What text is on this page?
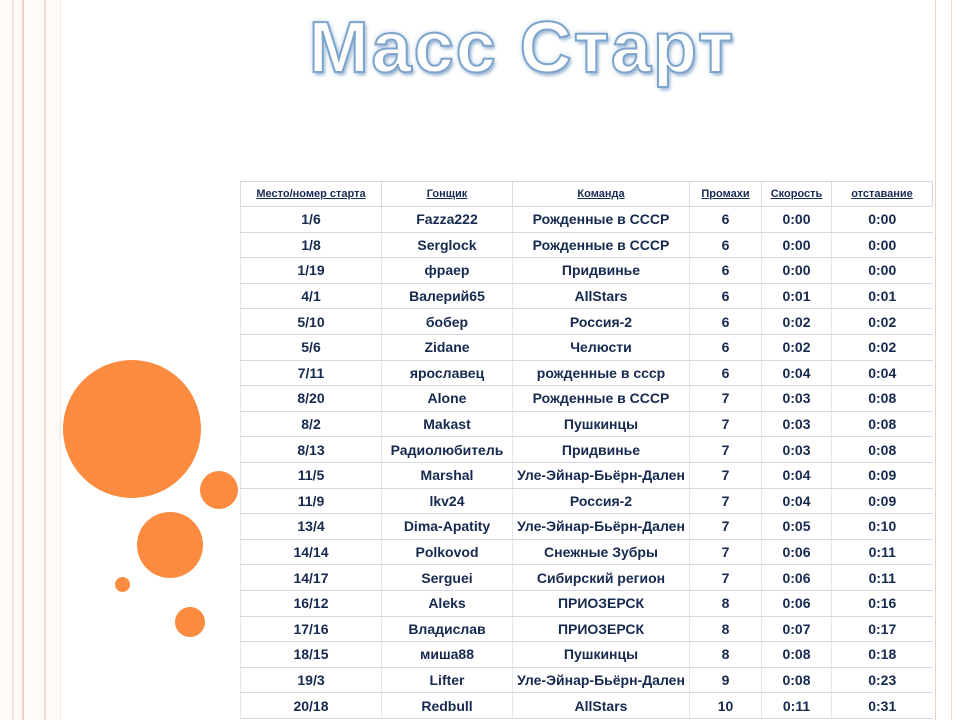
Масс Старт
Место/номер старта	Гонщик	Команда	Промахи	Скорость	отставание
1/6	Fazza222	Рожденные в СССР	6	0:00	0:00
1/8	Serglock	Рожденные в СССР	6	0:00	0:00
1/19	фраер	Придвинье	6	0:00	0:00
4/1	Валерий65	AllStars	6	0:01	0:01
5/10	бобер	Россия-2	6	0:02	0:02
5/6	Zidane	Челюсти	6	0:02	0:02
7/11	ярославец	рожденные в ссср	6	0:04	0:04
8/20	Alone	Рожденные в СССР	7	0:03	0:08
8/2	Makast	Пушкинцы	7	0:03	0:08
8/13	Радиолюбитель	Придвинье	7	0:03	0:08
11/5	Marshal	Уле-Эйнар-Бьёрн-Дален	7	0:04	0:09
11/9	lkv24	Россия-2	7	0:04	0:09
13/4	Dima-Apatity	Уле-Эйнар-Бьёрн-Дален	7	0:05	0:10
14/14	Polkovod	Снежные Зубры	7	0:06	0:11
14/17	Serguei	Сибирский регион	7	0:06	0:11
16/12	Aleks	ПРИОЗЕРСК	8	0:06	0:16
17/16	Владислав	ПРИОЗЕРСК	8	0:07	0:17
18/15	миша88	Пушкинцы	8	0:08	0:18
19/3	Lifter	Уле-Эйнар-Бьёрн-Дален	9	0:08	0:23
20/18	Redbull	AllStars	10	0:11	0:31
